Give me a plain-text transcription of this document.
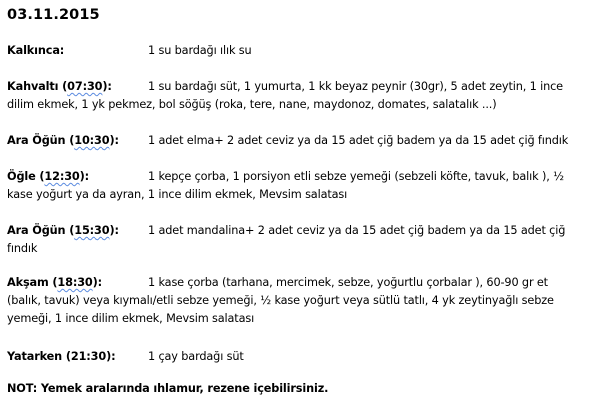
03.11.2015
Kalkınca:	1 su bardağı ılık su
Kahvaltı (07:30):	1 su bardağı süt, 1 yumurta, 1 kk beyaz peynir (30gr), 5 adet zeytin, 1 ince
dilim ekmek, 1 yk pekmez, bol söğüş (roka, tere, nane, maydonoz, domates, salatalık ...)
Ara Öğün (10:30):	1 adet elma+ 2 adet ceviz ya da 15 adet çiğ badem ya da 15 adet çiğ fındık
Öğle (12:30):	1 kepçe çorba, 1 porsiyon etli sebze yemeği (sebzeli köfte, tavuk, balık ), ½
kase yoğurt ya da ayran, 1 ince dilim ekmek, Mevsim salatası
Ara Öğün (15:30):	1 adet mandalina+ 2 adet ceviz ya da 15 adet çiğ badem ya da 15 adet çiğ
fındık
Akşam (18:30):	1 kase çorba (tarhana, mercimek, sebze, yoğurtlu çorbalar ), 60-90 gr et
(balık, tavuk) veya kıymalı/etli sebze yemeği, ½ kase yoğurt veya sütlü tatlı, 4 yk zeytinyağlı sebze
yemeği, 1 ince dilim ekmek, Mevsim salatası
Yatarken (21:30):	1 çay bardağı süt
NOT: Yemek aralarında ıhlamur, rezene içebilirsiniz.
